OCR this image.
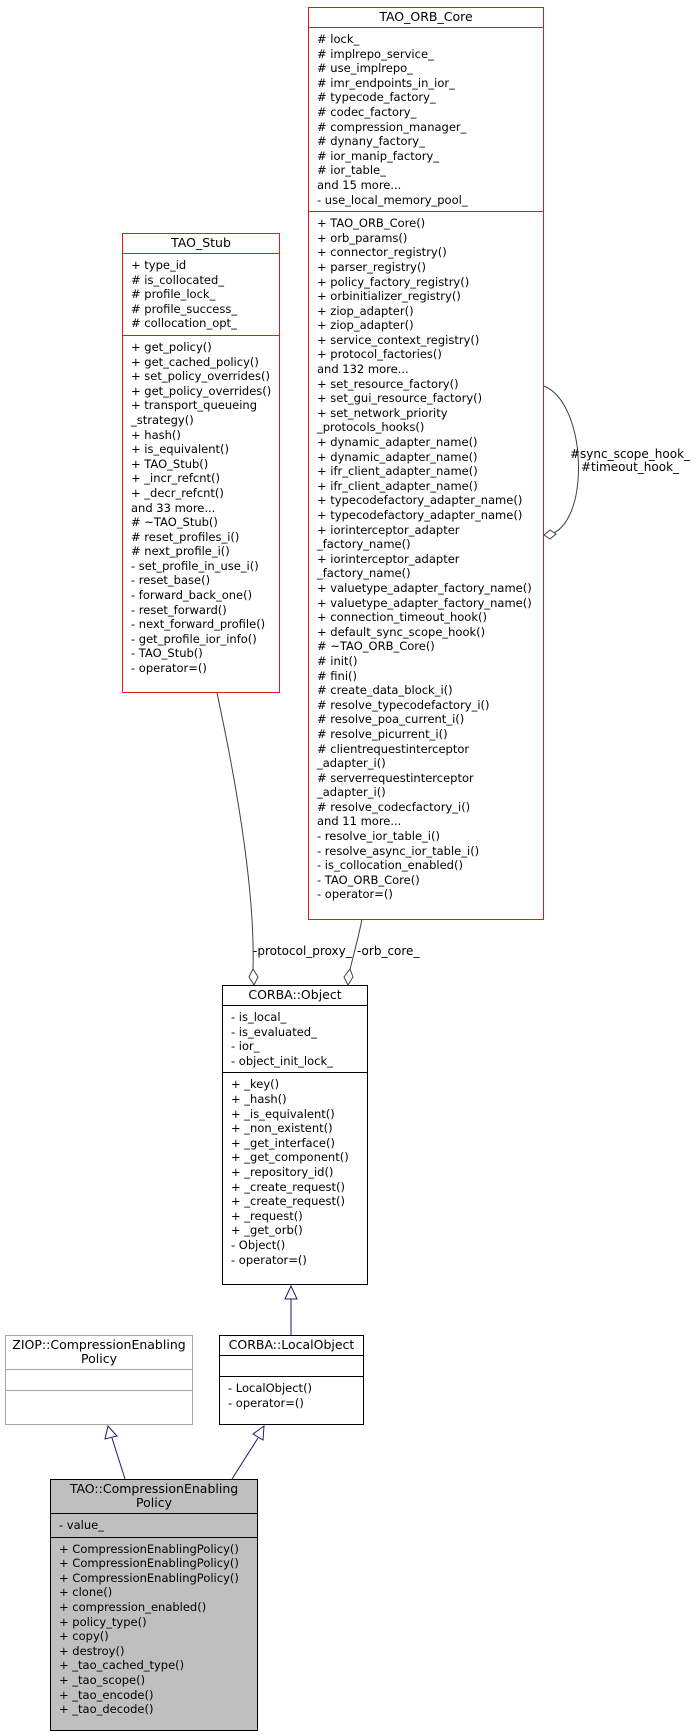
#sync_scope_hook_
#timeout_hook_
-protocol_proxy_ -orb_core_
TAO_ORB_Core
# lock_
# implrepo_service_
# use_implrepo_
# imr_endpoints_in_ior_
# typecode_factory_
# codec_factory_
# compression_manager_
# dynany_factory_
# ior_manip_factory_
# ior_table_
and 15 more...
- use_local_memory_pool_
+ TAO_ORB_Core()
+ orb_params()
+ connector_registry()
+ parser_registry()
+ policy_factory_registry()
+ orbinitializer_registry()
+ ziop_adapter()
+ ziop_adapter()
+ service_context_registry()
+ protocol_factories()
and 132 more...
+ set_resource_factory()
+ set_gui_resource_factory()
+ set_network_priority
_protocols_hooks()
+ dynamic_adapter_name()
+ dynamic_adapter_name()
+ ifr_client_adapter_name()
+ ifr_client_adapter_name()
+ typecodefactory_adapter_name()
+ typecodefactory_adapter_name()
+ iorinterceptor_adapter
_factory_name()
+ iorinterceptor_adapter
_factory_name()
+ valuetype_adapter_factory_name()
+ valuetype_adapter_factory_name()
+ connection_timeout_hook()
+ default_sync_scope_hook()
# ~TAO_ORB_Core()
# init()
# fini()
# create_data_block_i()
# resolve_typecodefactory_i()
# resolve_poa_current_i()
# resolve_picurrent_i()
# clientrequestinterceptor
_adapter_i()
# serverrequestinterceptor
_adapter_i()
# resolve_codecfactory_i()
and 11 more...
- resolve_ior_table_i()
- resolve_async_ior_table_i()
- is_collocation_enabled()
- TAO_ORB_Core()
- operator=()
TAO_Stub
+ type_id
# is_collocated_
# profile_lock_
# profile_success_
# collocation_opt_
+ get_policy()
+ get_cached_policy()
+ set_policy_overrides()
+ get_policy_overrides()
+ transport_queueing
_strategy()
+ hash()
+ is_equivalent()
+ TAO_Stub()
+ _incr_refcnt()
+ _decr_refcnt()
and 33 more...
# ~TAO_Stub()
# reset_profiles_i()
# next_profile_i()
- set_profile_in_use_i()
- reset_base()
- forward_back_one()
- reset_forward()
- next_forward_profile()
- get_profile_ior_info()
- TAO_Stub()
- operator=()
CORBA::Object
- is_local_
- is_evaluated_
- ior_
- object_init_lock_
+ _key()
+ _hash()
+ _is_equivalent()
+ _non_existent()
+ _get_interface()
+ _get_component()
+ _repository_id()
+ _create_request()
+ _create_request()
+ _request()
+ _get_orb()
- Object()
- operator=()
ZIOP::CompressionEnabling
Policy
CORBA::LocalObject
- LocalObject()
- operator=()
TAO::CompressionEnabling
Policy
- value_
+ CompressionEnablingPolicy()
+ CompressionEnablingPolicy()
+ CompressionEnablingPolicy()
+ clone()
+ compression_enabled()
+ policy_type()
+ copy()
+ destroy()
+ _tao_cached_type()
+ _tao_scope()
+ _tao_encode()
+ _tao_decode()
